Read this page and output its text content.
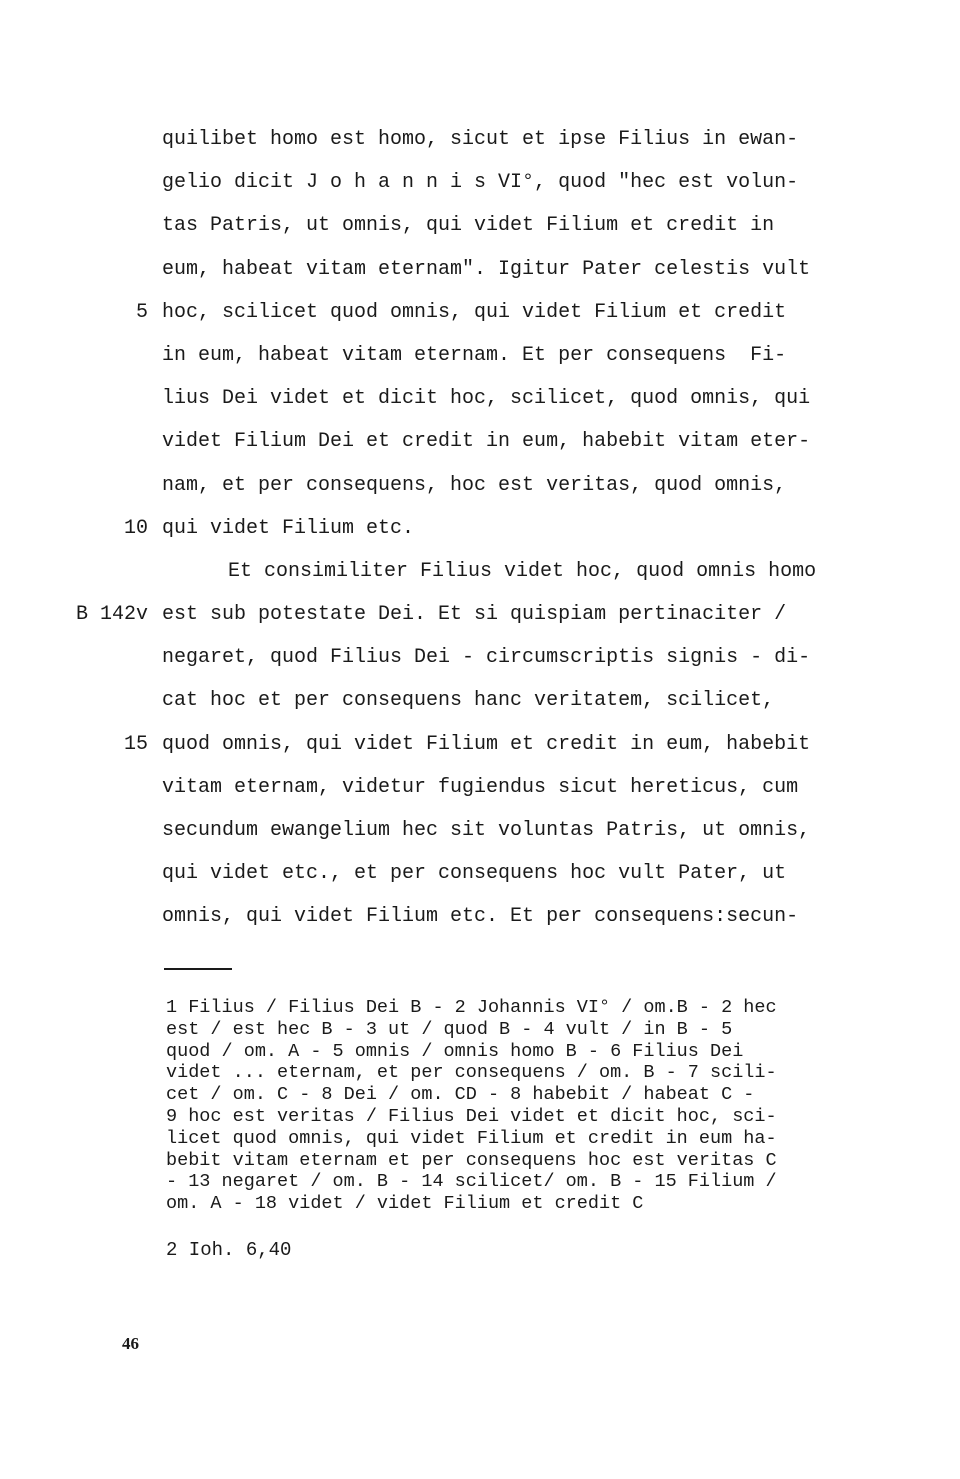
quilibet homo est homo, sicut et ipse Filius in ewan-
gelio dicit J o h a n n i s VI°, quod "hec est volun-
tas Patris, ut omnis, qui videt Filium et credit in
eum, habeat vitam eternam". Igitur Pater celestis vult
5 hoc, scilicet quod omnis, qui videt Filium et credit
in eum, habeat vitam eternam. Et per consequens  Fi-
lius Dei videt et dicit hoc, scilicet, quod omnis, qui
videt Filium Dei et credit in eum, habebit vitam eter-
nam, et per consequens, hoc est veritas, quod omnis,
10 qui videt Filium etc.
Et consimiliter Filius videt hoc, quod omnis homo
B 142v est sub potestate Dei. Et si quispiam pertinaciter /
negaret, quod Filius Dei - circumscriptis signis - di-
cat hoc et per consequens hanc veritatem, scilicet,
15 quod omnis, qui videt Filium et credit in eum, habebit
vitam eternam, videtur fugiendus sicut hereticus, cum
secundum ewangelium hec sit voluntas Patris, ut omnis,
qui videt etc., et per consequens hoc vult Pater, ut
omnis, qui videt Filium etc. Et per consequens:secun-
1 Filius / Filius Dei B - 2 Johannis VI° / om.B - 2 hec
est / est hec B - 3 ut / quod B - 4 vult / in B - 5
quod / om. A - 5 omnis / omnis homo B - 6 Filius Dei
videt ... eternam, et per consequens / om. B - 7 scili-
cet / om. C - 8 Dei / om. CD - 8 habebit / habeat C -
9 hoc est veritas / Filius Dei videt et dicit hoc, sci-
licet quod omnis, qui videt Filium et credit in eum ha-
bebit vitam eternam et per consequens hoc est veritas C
- 13 negaret / om. B - 14 scilicet/ om. B - 15 Filium /
om. A - 18 videt / videt Filium et credit C
2 Ioh. 6,40
46
